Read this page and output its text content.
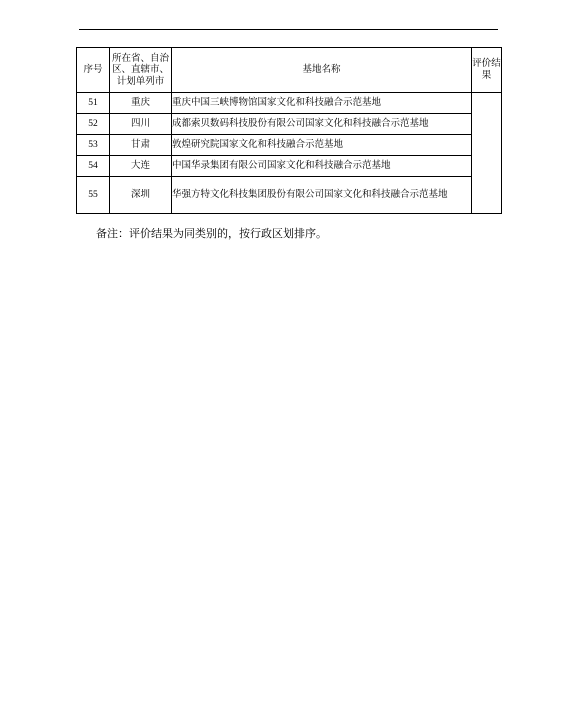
序号	所在省、自治区、直辖市、计划单列市	基地名称	评价结果
51	重庆	重庆中国三峡博物馆国家文化和科技融合示范基地	
52	四川	成都索贝数码科技股份有限公司国家文化和科技融合示范基地	
53	甘肃	敦煌研究院国家文化和科技融合示范基地	
54	大连	中国华录集团有限公司国家文化和科技融合示范基地	
55	深圳	华强方特文化科技集团股份有限公司国家文化和科技融合示范基地	
备注：评价结果为同类别的，按行政区划排序。
